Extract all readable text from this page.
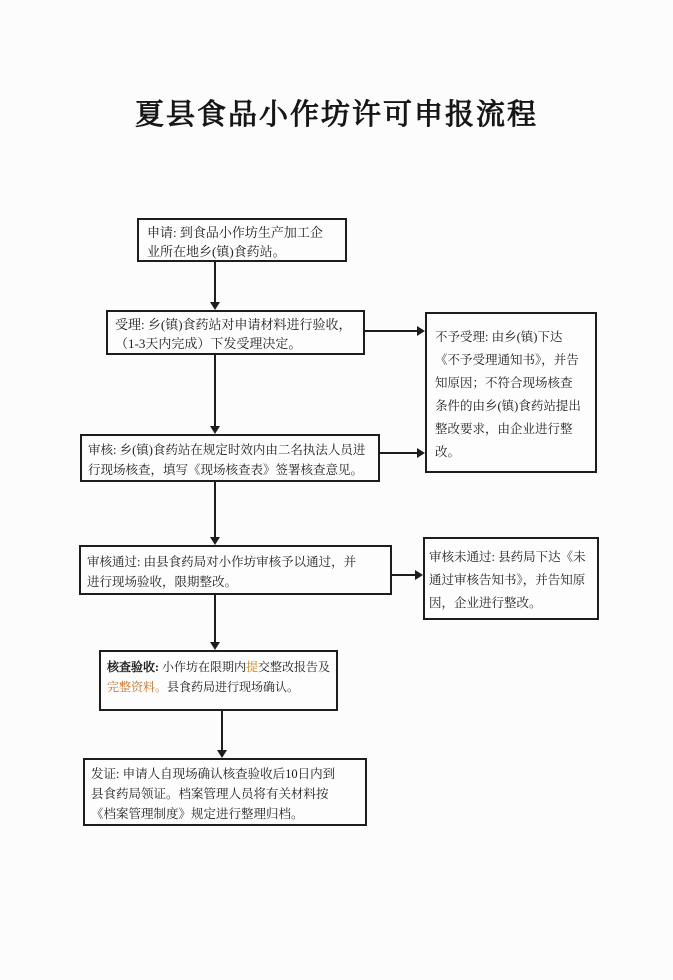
夏县食品小作坊许可申报流程
申请: 到食品小作坊生产加工企业所在地乡(镇)食药站。
受理: 乡(镇)食药站对申请材料进行验收，（1-3天内完成）下发受理决定。
审核: 乡(镇)食药站在规定时效内由二名执法人员进行现场核查，填写《现场核查表》签署核查意见。
审核通过: 由县食药局对小作坊审核予以通过，并进行现场验收，限期整改。
核查验收: 小作坊在限期内提交整改报告及完整资料。县食药局进行现场确认。
发证: 申请人自现场确认核查验收后10日内到县食药局领证。档案管理人员将有关材料按《档案管理制度》规定进行整理归档。
不予受理: 由乡(镇)下达《不予受理通知书》，并告知原因；不符合现场核查条件的由乡(镇)食药站提出整改要求，由企业进行整改。
审核未通过: 县药局下达《未通过审核告知书》，并告知原因，企业进行整改。
